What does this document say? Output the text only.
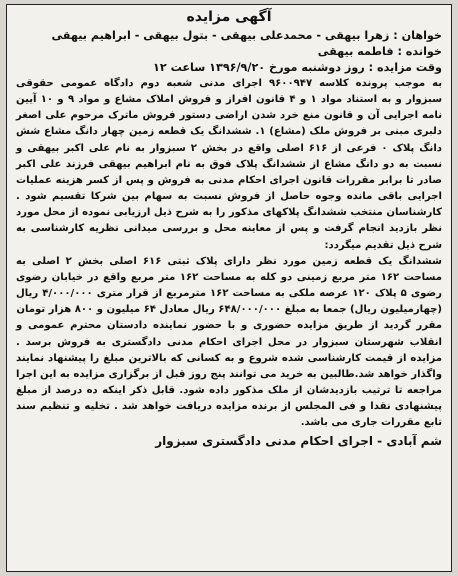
آگهی مزایده
خواهان : زهرا بیهقی - محمدعلی بیهقی - بتول بیهقی - ابراهیم بیهقی
خوانده : فاطمه بیهقی
وقت مزایده : روز دوشنبه مورخ ۱۳۹۶/۹/۲۰ ساعت ۱۲

به موجب پرونده کلاسه ۹۶۰۰۹۴۷ اجرای مدنی شعبه دوم دادگاه عمومی حقوقی سبزوار و به استناد مواد ۱ و ۴ قانون افراز و فروش املاک مشاع و مواد ۹ و ۱۰ آیین نامه اجرایی آن و قانون منع خرد شدن اراضی دستور فروش ماترک مرحوم علی اصغر دلبری مبنی بر فروش ملک (مشاع) ۱. ششدانگ یک قطعه زمین چهار دانگ مشاع شش دانگ پلاک ۰ فرعی از ۶۱۶ اصلی واقع در بخش ۲ سبزوار به نام علی اکبر بیهقی و نسبت به دو دانگ مشاع از ششدانگ پلاک فوق به نام ابراهیم بیهقی فرزند علی اکبر صادر تا برابر مقررات قانون اجرای احکام مدنی به فروش و پس از کسر هزینه عملیات اجرایی باقی مانده وجوه حاصل از فروش نسبت به سهام بین شرکا تقسیم شود . کارشناسان منتخب ششدانگ پلاکهای مذکور را به شرح ذیل ارزیابی نموده از محل مورد نظر بازدید انجام گرفت و پس از معاینه محل و بررسی میدانی نظریه کارشناسی به شرح ذیل تقدیم میگردد:

ششدانگ یک قطعه زمین مورد نظر دارای پلاک ثبتی ۶۱۶ اصلی بخش ۲ اصلی به مساحت ۱۶۲ متر مربع زمینی دو کله به مساحت ۱۶۲ متر مربع واقع در خیابان رضوی رضوی ۵ پلاک ۱۲۰ عرصه ملکی به مساحت ۱۶۲ مترمربع از قرار متری ۴/۰۰۰/۰۰۰ ریال (چهارمیلیون ریال) جمعا به مبلغ ۶۴۸/۰۰۰/۰۰۰ ریال معادل ۶۴ میلیون و ۸۰۰ هزار تومان

مقرر گردید از طریق مزایده حضوری و با حضور نماینده دادستان محترم عمومی و انقلاب شهرستان سبزوار در محل اجرای احکام مدنی دادگستری به فروش برسد . مزایده از قیمت کارشناسی شده شروع و به کسانی که بالاترین مبلغ را پیشنهاد نمایند واگذار خواهد شد.طالبین به خرید می توانند پنج روز قبل از برگزاری مزایده به این اجرا مراجعه تا ترتیب بازدیدشان از ملک مذکور داده شود. قابل ذکر اینکه ده درصد از مبلغ پیشنهادی نقدا و فی المجلس از برنده مزایده دریافت خواهد شد . تخلیه و تنظیم سند تابع مقررات جاری می باشد.

شم آبادی - اجرای احکام مدنی دادگستری سبزوار
